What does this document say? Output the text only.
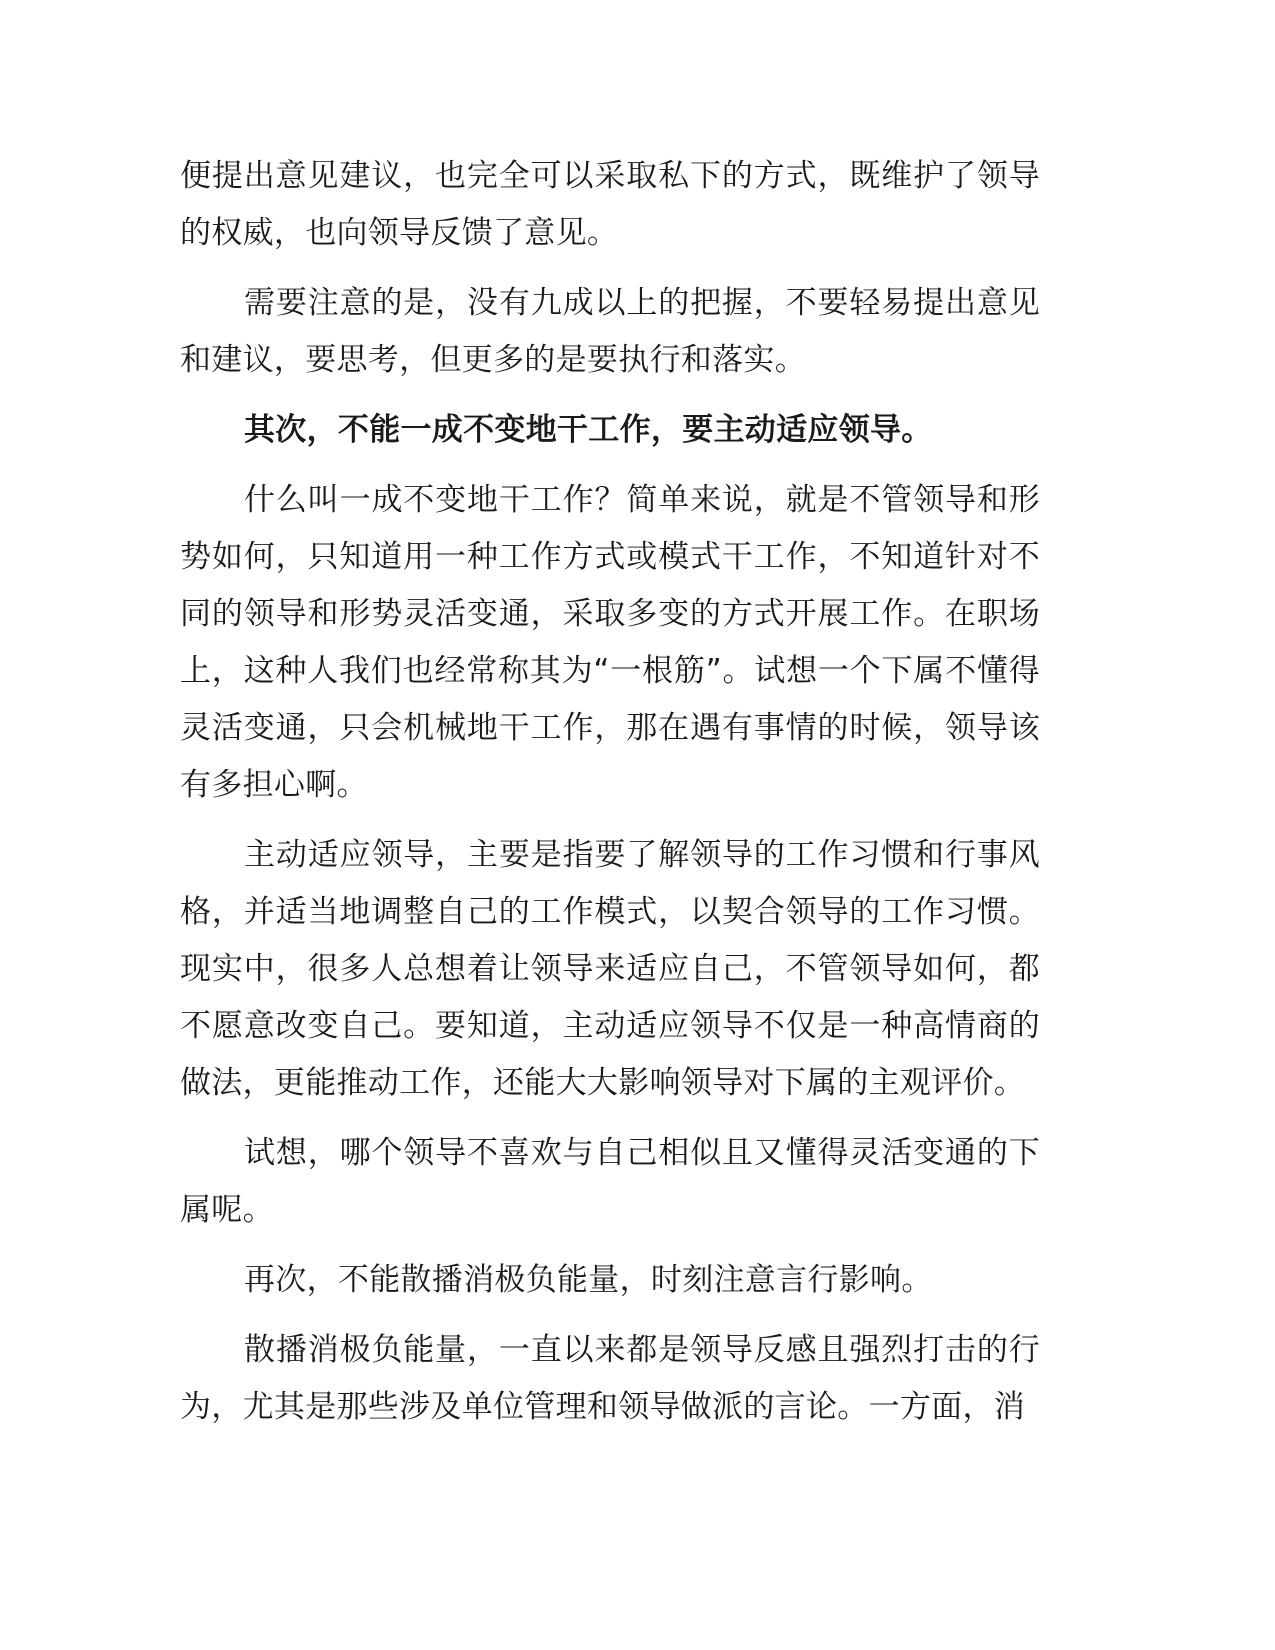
便提出意见建议，也完全可以采取私下的方式，既维护了领导的权威，也向领导反馈了意见。

需要注意的是，没有九成以上的把握，不要轻易提出意见和建议，要思考，但更多的是要执行和落实。

其次，不能一成不变地干工作，要主动适应领导。

什么叫一成不变地干工作？简单来说，就是不管领导和形势如何，只知道用一种工作方式或模式干工作，不知道针对不同的领导和形势灵活变通，采取多变的方式开展工作。在职场上，这种人我们也经常称其为“一根筋”。试想一个下属不懂得灵活变通，只会机械地干工作，那在遇有事情的时候，领导该有多担心啊。

主动适应领导，主要是指要了解领导的工作习惯和行事风格，并适当地调整自己的工作模式，以契合领导的工作习惯。现实中，很多人总想着让领导来适应自己，不管领导如何，都不愿意改变自己。要知道，主动适应领导不仅是一种高情商的做法，更能推动工作，还能大大影响领导对下属的主观评价。

试想，哪个领导不喜欢与自己相似且又懂得灵活变通的下属呢。

再次，不能散播消极负能量，时刻注意言行影响。

散播消极负能量，一直以来都是领导反感且强烈打击的行为，尤其是那些涉及单位管理和领导做派的言论。一方面，消
